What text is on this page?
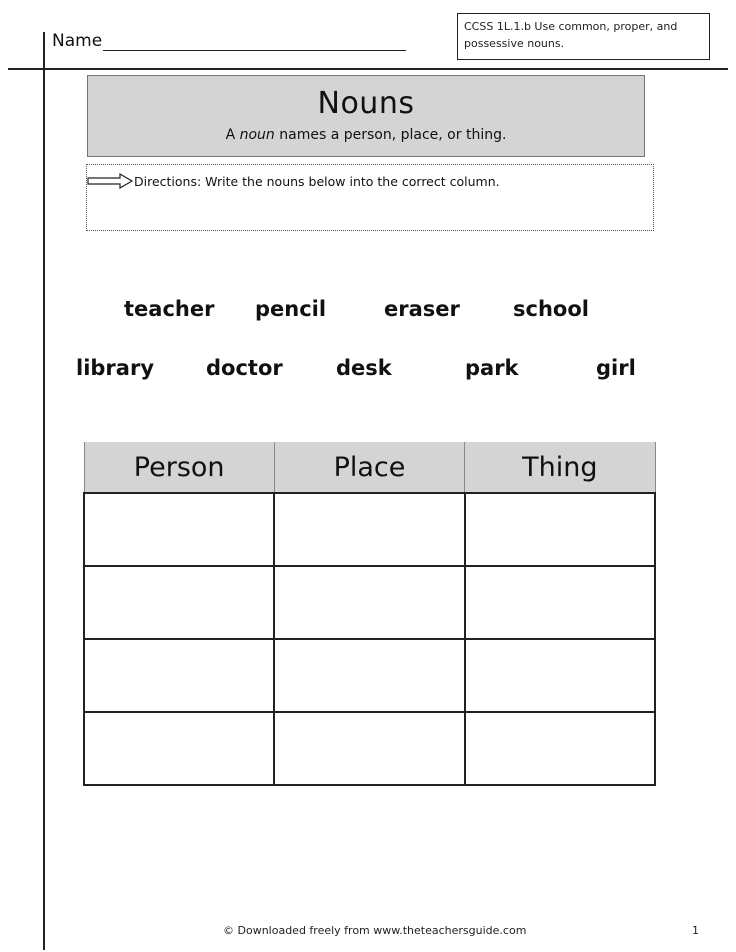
Name
CCSS 1L.1.b Use common, proper, and possessive nouns.
Nouns
A noun names a person, place, or thing.
Directions: Write the nouns below into the correct column.
teacher pencil	eraser	school
library doctor	desk	park	girl
Person	Place	Thing

© Downloaded freely from www.theteachersguide.com	1
